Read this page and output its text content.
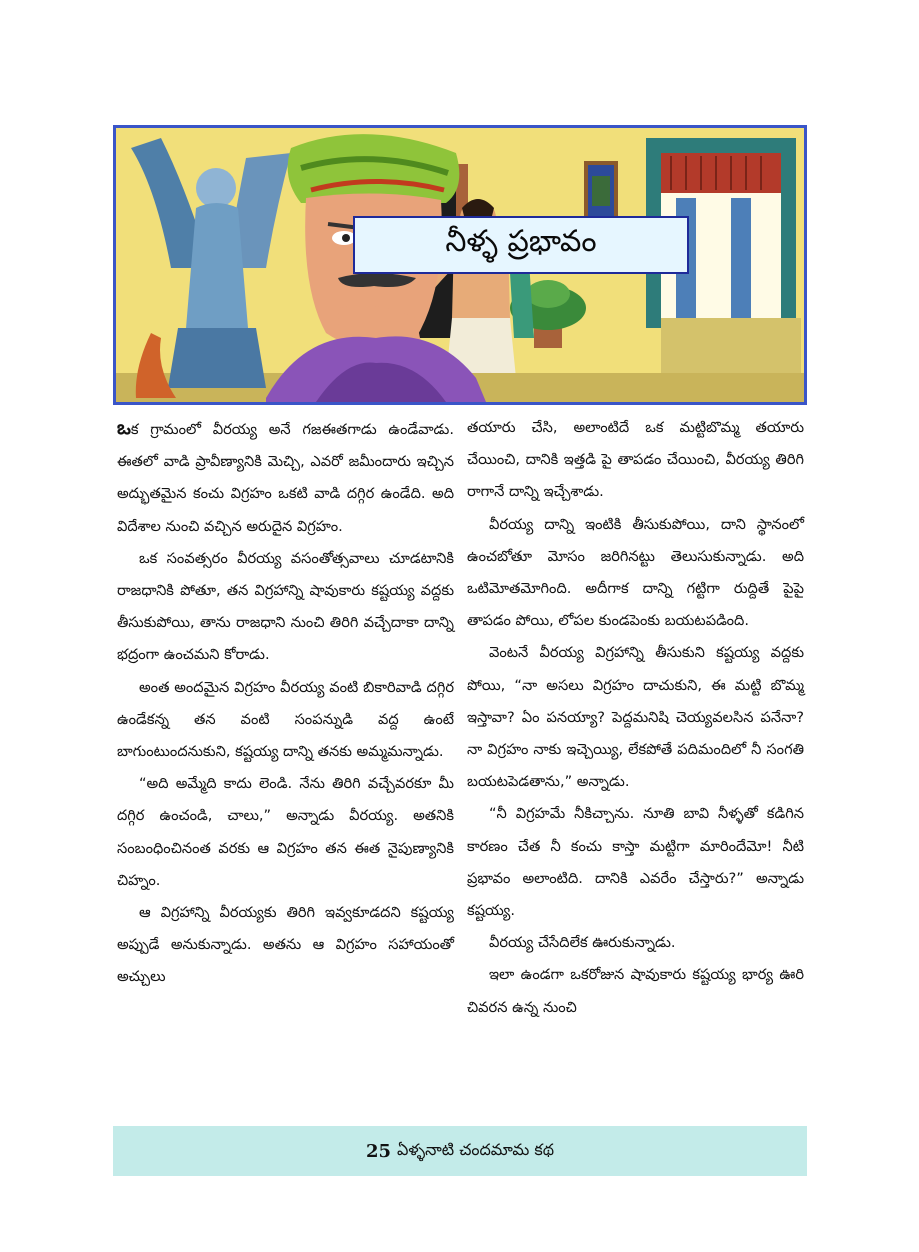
నీళ్ళ ప్రభావం

ఒక గ్రామంలో వీరయ్య అనే గజఈతగాడు ఉండేవాడు. ఈతలో వాడి ప్రావీణ్యానికి మెచ్చి, ఎవరో జమీందారు ఇచ్చిన అద్భుతమైన కంచు విగ్రహం ఒకటి వాడి దగ్గిర ఉండేది. అది విదేశాల నుంచి వచ్చిన అరుదైన విగ్రహం.

ఒక సంవత్సరం వీరయ్య వసంతోత్సవాలు చూడటానికి రాజధానికి పోతూ, తన విగ్రహాన్ని షావుకారు కష్టయ్య వద్దకు తీసుకుపోయి, తాను రాజధాని నుంచి తిరిగి వచ్చేదాకా దాన్ని భద్రంగా ఉంచమని కోరాడు.

అంత అందమైన విగ్రహం వీరయ్య వంటి బికారివాడి దగ్గిర ఉండేకన్న తన వంటి సంపన్నుడి వద్ద ఉంటే బాగుంటుందనుకుని, కష్టయ్య దాన్ని తనకు అమ్మమన్నాడు.

“అది అమ్మేది కాదు లెండి. నేను తిరిగి వచ్చేవరకూ మీ దగ్గిర ఉంచండి, చాలు,” అన్నాడు వీరయ్య. అతనికి సంబంధించినంత వరకు ఆ విగ్రహం తన ఈత నైపుణ్యానికి చిహ్నం.

ఆ విగ్రహాన్ని వీరయ్యకు తిరిగి ఇవ్వకూడదని కష్టయ్య అప్పుడే అనుకున్నాడు. అతను ఆ విగ్రహం సహాయంతో అచ్చులు

తయారు చేసి, అలాంటిదే ఒక మట్టిబొమ్మ తయారు చేయించి, దానికి ఇత్తడి పై తాపడం చేయించి, వీరయ్య తిరిగి రాగానే దాన్ని ఇచ్చేశాడు.

వీరయ్య దాన్ని ఇంటికి తీసుకుపోయి, దాని స్థానంలో ఉంచబోతూ మోసం జరిగినట్టు తెలుసుకున్నాడు. అది ఒటిమోతమోగింది. అదీగాక దాన్ని గట్టిగా రుద్దితే పైపై తాపడం పోయి, లోపల కుండపెంకు బయటపడింది.

వెంటనే వీరయ్య విగ్రహాన్ని తీసుకుని కష్టయ్య వద్దకు పోయి, “నా అసలు విగ్రహం దాచుకుని, ఈ మట్టి బొమ్మ ఇస్తావా? ఏం పనయ్యా? పెద్దమనిషి చెయ్యవలసిన పనేనా? నా విగ్రహం నాకు ఇచ్చెయ్యి, లేకపోతే పదిమందిలో నీ సంగతి బయటపెడతాను,” అన్నాడు.

“నీ విగ్రహమే నీకిచ్చాను. నూతి బావి నీళ్ళతో కడిగిన కారణం చేత నీ కంచు కాస్తా మట్టిగా మారిందేమో! నీటి ప్రభావం అలాంటిది. దానికి ఎవరేం చేస్తారు?” అన్నాడు కష్టయ్య.

వీరయ్య చేసేదిలేక ఊరుకున్నాడు.

ఇలా ఉండగా ఒకరోజున షావుకారు కష్టయ్య భార్య ఊరి చివరన ఉన్న నుంచి

25 ఏళ్ళనాటి చందమామ కథ
